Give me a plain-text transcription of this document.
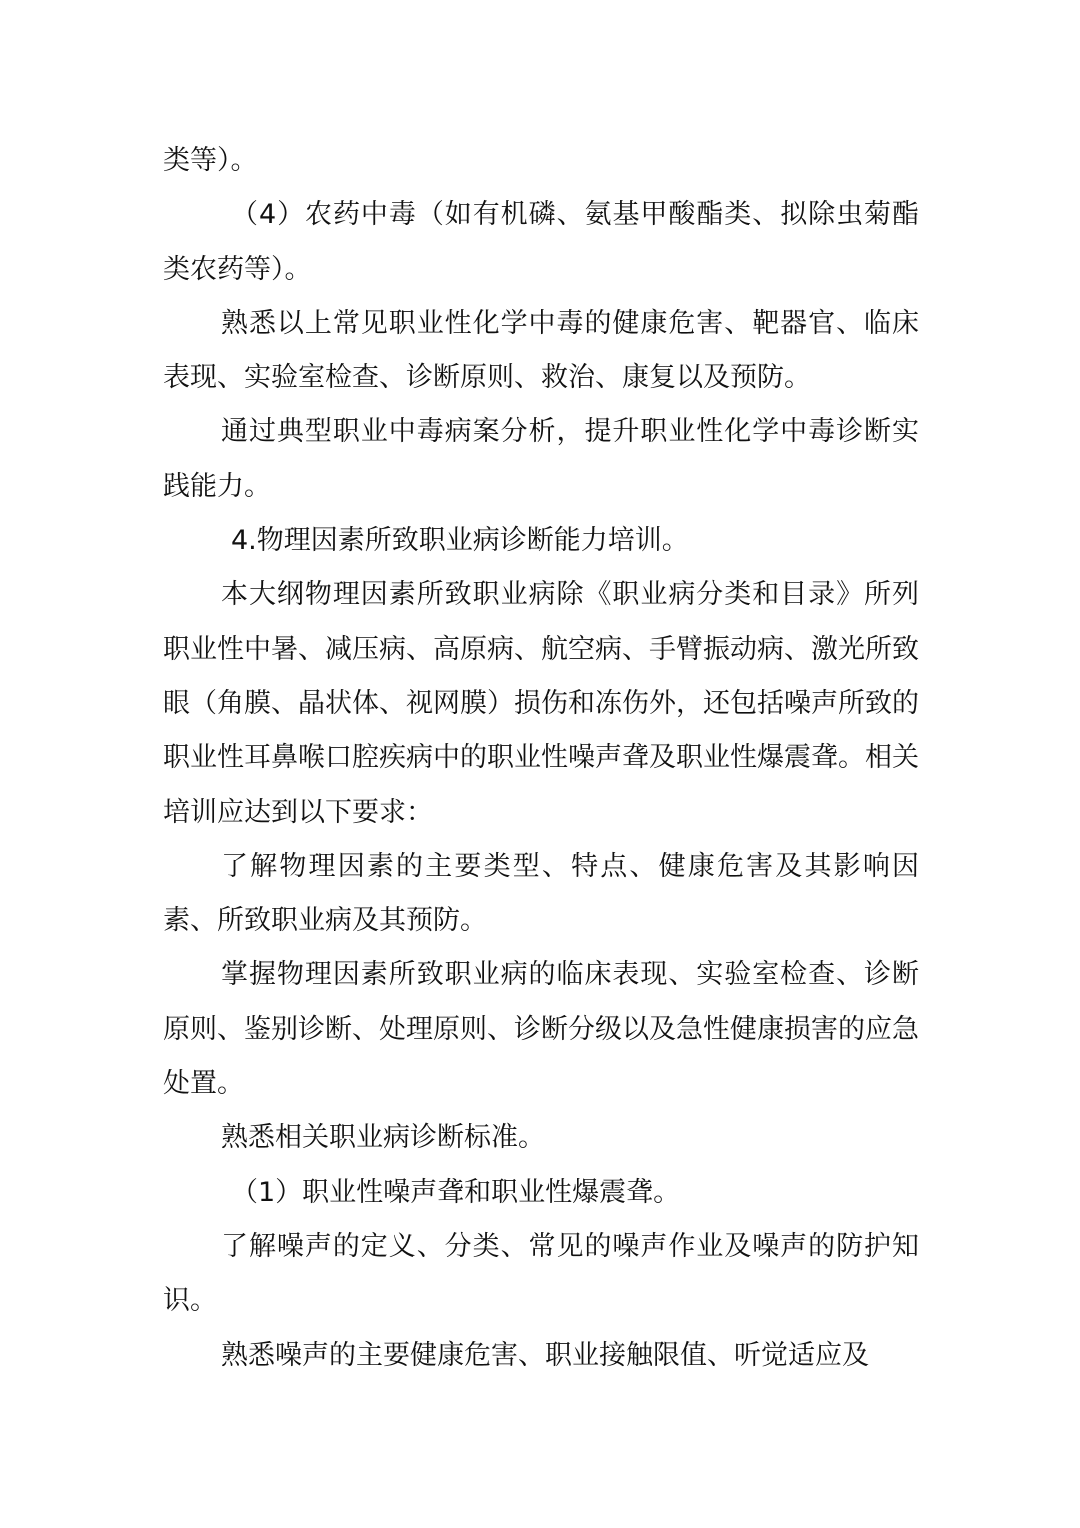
类等）。

（4）农药中毒（如有机磷、氨基甲酸酯类、拟除虫菊酯类农药等）。

熟悉以上常见职业性化学中毒的健康危害、靶器官、临床表现、实验室检查、诊断原则、救治、康复以及预防。

通过典型职业中毒病案分析，提升职业性化学中毒诊断实践能力。

4.物理因素所致职业病诊断能力培训。

本大纲物理因素所致职业病除《职业病分类和目录》所列职业性中暑、减压病、高原病、航空病、手臂振动病、激光所致眼（角膜、晶状体、视网膜）损伤和冻伤外，还包括噪声所致的职业性耳鼻喉口腔疾病中的职业性噪声聋及职业性爆震聋。相关培训应达到以下要求：

了解物理因素的主要类型、特点、健康危害及其影响因素、所致职业病及其预防。

掌握物理因素所致职业病的临床表现、实验室检查、诊断原则、鉴别诊断、处理原则、诊断分级以及急性健康损害的应急处置。

熟悉相关职业病诊断标准。

（1）职业性噪声聋和职业性爆震聋。

了解噪声的定义、分类、常见的噪声作业及噪声的防护知识。

熟悉噪声的主要健康危害、职业接触限值、听觉适应及
